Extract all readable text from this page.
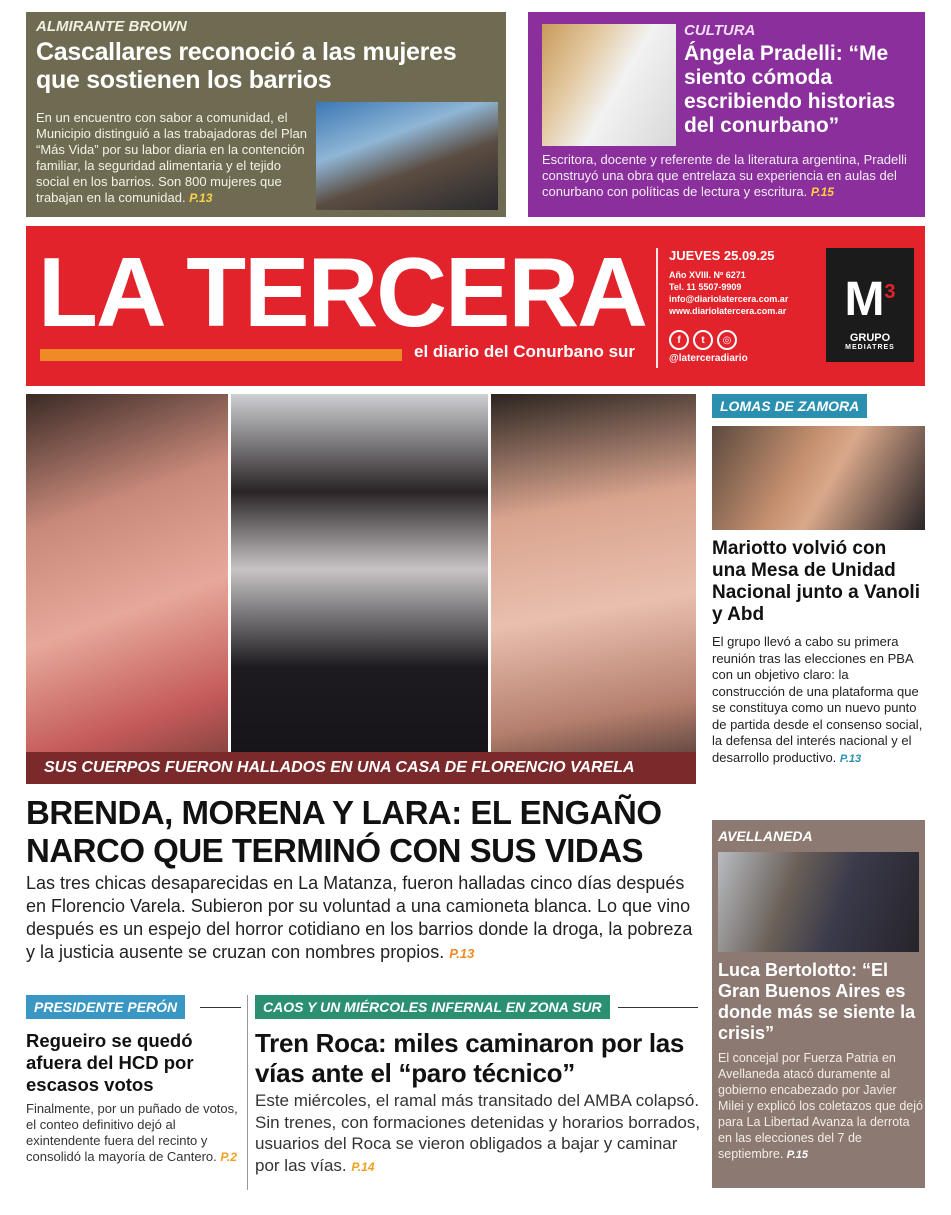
ALMIRANTE BROWN
Cascallares reconoció a las mujeres que sostienen los barrios
En un encuentro con sabor a comunidad, el Municipio distinguió a las trabajadoras del Plan “Más Vida” por su labor diaria en la contención familiar, la seguridad alimentaria y el tejido social en los barrios. Son 800 mujeres que trabajan en la comunidad. P.13
CULTURA
Ángela Pradelli: “Me siento cómoda escribiendo historias del conurbano”
Escritora, docente y referente de la literatura argentina, Pradelli construyó una obra que entrelaza su experiencia en aulas del conurbano con políticas de lectura y escritura. P.15
LA TERCERA
el diario del Conurbano sur
JUEVES 25.09.25
Año XVIII. Nº 6271
Tel. 11 5507-9909
info@diariolatercera.com.ar
www.diariolatercera.com.ar
f	t	◎
@laterceradiario
$M^3$
GRUPO
MEDIATRES
SUS CUERPOS FUERON HALLADOS EN UNA CASA DE FLORENCIO VARELA
BRENDA, MORENA Y LARA: EL ENGAÑO NARCO QUE TERMINÓ CON SUS VIDAS
Las tres chicas desaparecidas en La Matanza, fueron halladas cinco días después en Florencio Varela. Subieron por su voluntad a una camioneta blanca. Lo que vino después es un espejo del horror cotidiano en los barrios donde la droga, la pobreza y la justicia ausente se cruzan con nombres propios. P.13
LOMAS DE ZAMORA
Mariotto volvió con una Mesa de Unidad Nacional junto a Vanoli y Abd
El grupo llevó a cabo su primera reunión tras las elecciones en PBA con un objetivo claro: la construcción de una plataforma que se constituya como un nuevo punto de partida desde el consenso social, la defensa del interés nacional y el desarrollo productivo. P.13
AVELLANEDA
Luca Bertolotto: “El Gran Buenos Aires es donde más se siente la crisis”
El concejal por Fuerza Patria en Avellaneda atacó duramente al gobierno encabezado por Javier Milei y explicó los coletazos que dejó para La Libertad Avanza la derrota en las elecciones del 7 de septiembre. P.15
PRESIDENTE PERÓN
Regueiro se quedó afuera del HCD por escasos votos
Finalmente, por un puñado de votos, el conteo definitivo dejó al exintendente fuera del recinto y consolidó la mayoría de Cantero. P.2
CAOS Y UN MIÉRCOLES INFERNAL EN ZONA SUR
Tren Roca: miles caminaron por las vías ante el “paro técnico”
Este miércoles, el ramal más transitado del AMBA colapsó. Sin trenes, con formaciones detenidas y horarios borrados, usuarios del Roca se vieron obligados a bajar y caminar por las vías. P.14
